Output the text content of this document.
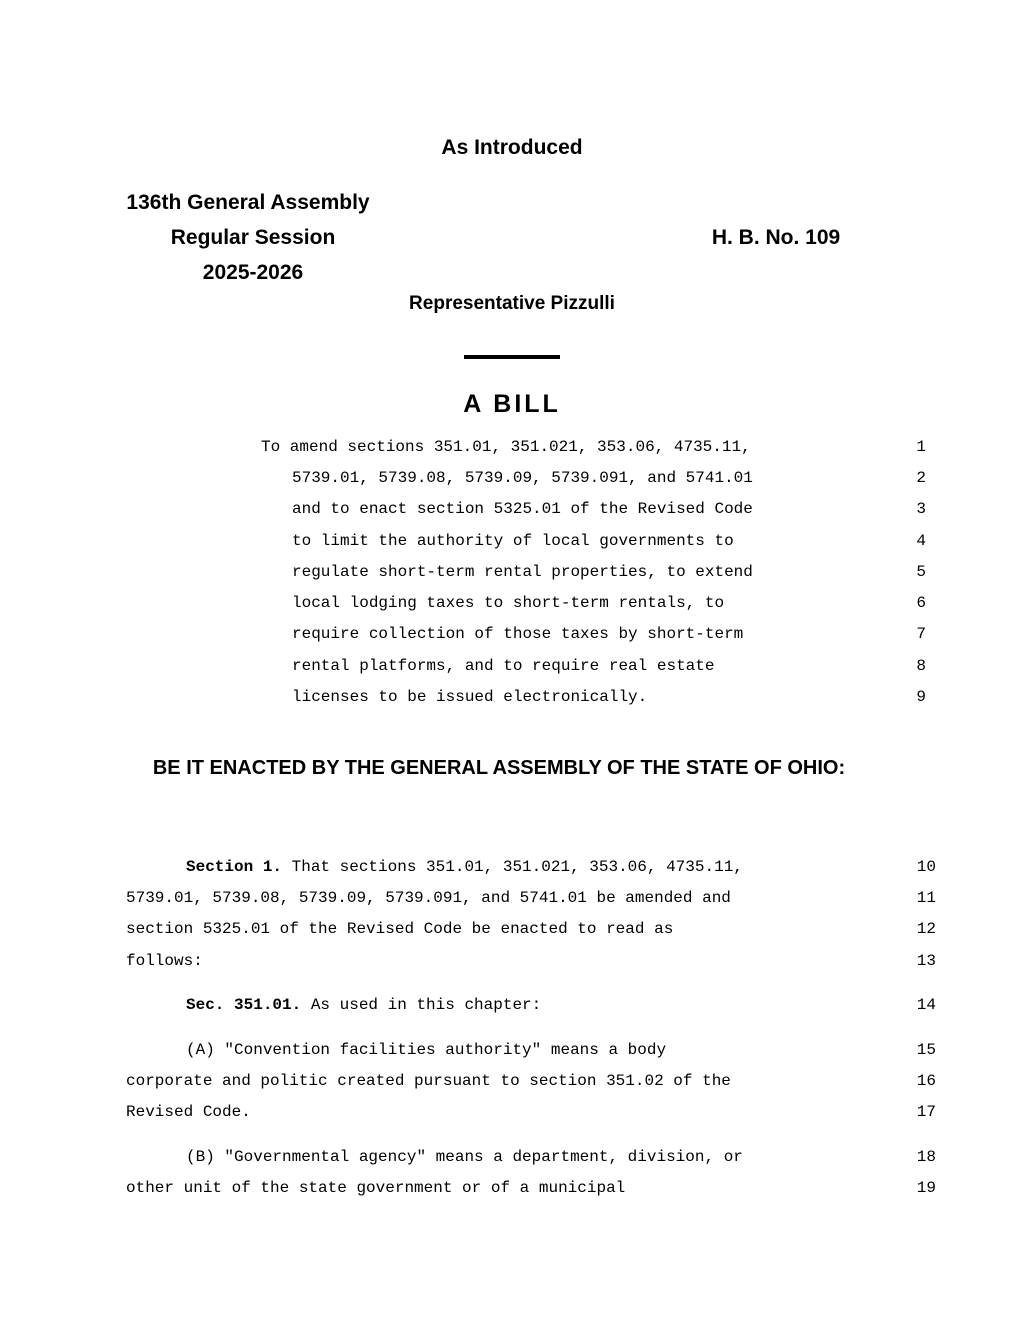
As Introduced
136th General Assembly
Regular Session
2025-2026
H. B. No. 109
Representative Pizzulli
A BILL
To amend sections 351.01, 351.021, 353.06, 4735.11,	1
5739.01, 5739.08, 5739.09, 5739.091, and 5741.01	2
and to enact section 5325.01 of the Revised Code	3
to limit the authority of local governments to	4
regulate short-term rental properties, to extend	5
local lodging taxes to short-term rentals, to	6
require collection of those taxes by short-term	7
rental platforms, and to require real estate	8
licenses to be issued electronically.	9
BE IT ENACTED BY THE GENERAL ASSEMBLY OF THE STATE OF OHIO:
Section 1. That sections 351.01, 351.021, 353.06, 4735.11,	10
5739.01, 5739.08, 5739.09, 5739.091, and 5741.01 be amended and	11
section 5325.01 of the Revised Code be enacted to read as	12
follows:	13
Sec. 351.01. As used in this chapter:	14
(A) "Convention facilities authority" means a body	15
corporate and politic created pursuant to section 351.02 of the	16
Revised Code.	17
(B) "Governmental agency" means a department, division, or	18
other unit of the state government or of a municipal	19
